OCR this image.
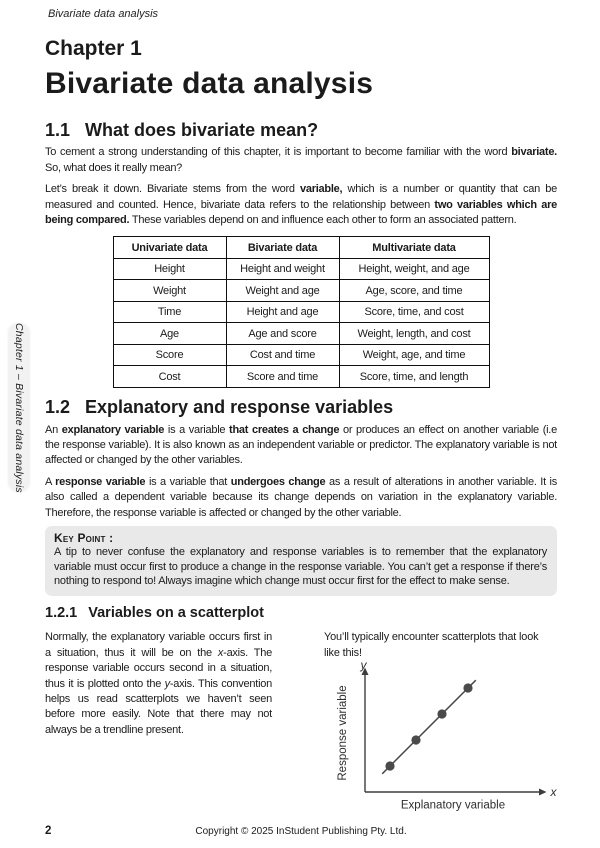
Chapter 1 – Bivariate data analysis
Bivariate data analysis
Chapter 1
Bivariate data analysis
1.1 What does bivariate mean?

To cement a strong understanding of this chapter, it is important to become familiar with the word bivariate. So, what does it really mean?

Let’s break it down. Bivariate stems from the word variable, which is a number or quantity that can be measured and counted. Hence, bivariate data refers to the relationship between two variables which are being compared. These variables depend on and influence each other to form an associated pattern.

Univariate data	Bivariate data	Multivariate data
Height	Height and weight	Height, weight, and age
Weight	Weight and age	Age, score, and time
Time	Height and age	Score, time, and cost
Age	Age and score	Weight, length, and cost
Score	Cost and time	Weight, age, and time
Cost	Score and time	Score, time, and length
1.2 Explanatory and response variables

An explanatory variable is a variable that creates a change or produces an effect on another variable (i.e the response variable). It is also known as an independent variable or predictor. The explanatory variable is not affected or changed by the other variables.

A response variable is a variable that undergoes change as a result of alterations in another variable. It is also called a dependent variable because its change depends on variation in the explanatory variable. Therefore, the response variable is affected or changed by the other variable.

Key Point :
A tip to never confuse the explanatory and response variables is to remember that the explanatory variable must occur first to produce a change in the response variable. You can’t get a response if there’s nothing to respond to! Always imagine which change must occur first for the effect to make sense.
1.2.1 Variables on a scatterplot

Normally, the explanatory variable occurs first in a situation, thus it will be on the x-axis. The response variable occurs second in a situation, thus it is plotted onto the y-axis. This convention helps us read scatterplots we haven’t seen before more easily. Note that there may not always be a trendline present.

You’ll typically encounter scatterplots that look like this!

y
x
Response variable
Explanatory variable
2	Copyright © 2025 InStudent Publishing Pty. Ltd.
